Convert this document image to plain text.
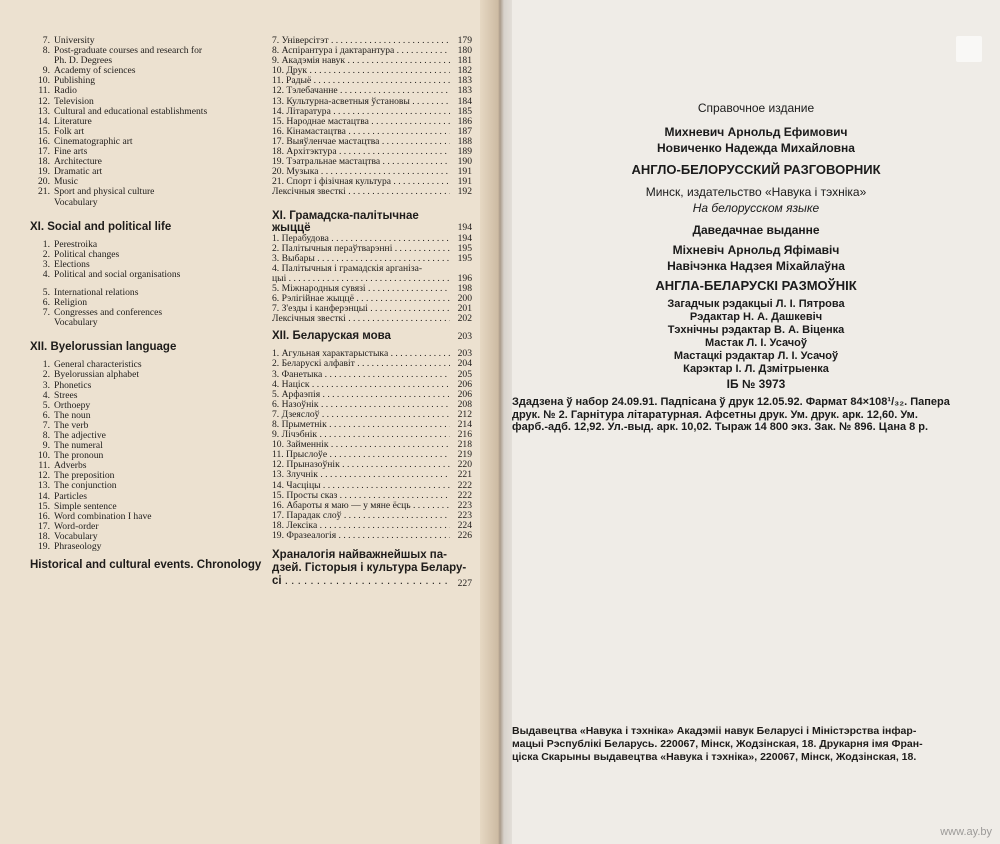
7. University
8. Post-graduate courses and research for
Ph. D. Degrees
9. Academy of sciences
10. Publishing
11. Radio
12. Television
13. Cultural and educational establishments
14. Literature
15. Folk art
16. Cinematographic art
17. Fine arts
18. Architecture
19. Dramatic art
20. Music
21. Sport and physical culture
Vocabulary
XI. Social and political life
1. Perestroika
2. Political changes
3. Elections
4. Political and social organisations
5. International relations
6. Religion
7. Congresses and conferences
Vocabulary
XII. Byelorussian language
1. General characteristics
2. Byelorussian alphabet
3. Phonetics
4. Strees
5. Orthoepy
6. The noun
7. The verb
8. The adjective
9. The numeral
10. The pronoun
11. Adverbs
12. The preposition
13. The conjunction
14. Particles
15. Simple sentence
16. Word combination I have
17. Word-order
18. Vocabulary
19. Phraseology
Historical and cultural events. Chronology
7. Універсітэт . . .	179
8. Аспірантура і дактарантура . . .	180
9. Акадэмія навук . . .	181
10. Друк . . .	182
11. Радыё . . .	183
12. Тэлебачанне . . .	183
13. Культурна-асветныя ўстановы . . .	184
14. Літаратура . . .	185
15. Народнае мастацтва . . .	186
16. Кінамастацтва . . .	187
17. Выяўленчае мастацтва . . .	188
18. Архітэктура . . .	189
19. Тэатральнае мастацтва . . .	190
20. Музыка . . .	191
21. Спорт і фізічная культура . . .	191
Лексічныя звесткі . . .	192
XI. Грамадска-палітычнае жыццё	194
1. Перабудова . . .	194
2. Палітычныя пераўтварэнні . . .	195
3. Выбары . . .	195
4. Палітычныя і грамадскія арганіза-
цыі . . .	196
5. Міжнародныя сувязі . . .	198
6. Рэлігійнае жыццё . . .	200
7. З'езды і канферэнцыі . . .	201
Лексічныя звесткі . . .	202
XII. Беларуская мова	203
1. Агульная характарыстыка . . .	203
2. Беларускі алфавіт . . .	204
3. Фанетыка . . .	205
4. Націск . . .	206
5. Арфаэпія . . .	206
6. Назоўнік . . .	208
7. Дзеяслоў . . .	212
8. Прыметнік . . .	214
9. Лічэбнік . . .	216
10. Займеннік . . .	218
11. Прыслоўе . . .	219
12. Прыназоўнік . . .	220
13. Злучнік . . .	221
14. Часціцы . . .	222
15. Просты сказ . . .	222
16. Абароты я маю — у мяне ёсць . . .	223
17. Парадак слоў . . .	223
18. Лексіка . . .	224
19. Фразеалогія . . .	226
Храналогія найважнейшых па-
дзей. Гісторыя і культура Белару-
сі . . .	227
Справочное издание
Михневич Арнольд Ефимович
Новиченко Надежда Михайловна
АНГЛО-БЕЛОРУССКИЙ РАЗГОВОРНИК
Минск, издательство «Навука і тэхніка»
На белорусском языке
Даведачнае выданне
Міхневіч Арнольд Яфімавіч
Навічэнка Надзея Міхайлаўна
АНГЛА-БЕЛАРУСКІ РАЗМОЎНІК
Загадчык рэдакцыі Л. І. Пятрова
Рэдактар Н. А. Дашкевіч
Тэхнічны рэдактар В. А. Віценка
Мастак Л. І. Усачоў
Мастацкі рэдактар Л. І. Усачоў
Карэктар І. Л. Дзмітрыенка
ІБ № 3973
Здадзена ў набор 24.09.91. Падпісана ў друк 12.05.92. Фармат 84×108¹/₃₂. Папера
друк. № 2. Гарнітура літаратурная. Афсетны друк. Ум. друк. арк. 12,60. Ум.
фарб.-адб. 12,92. Ул.-выд. арк. 10,02. Тыраж 14 800 экз. Зак. № 896. Цана 8 р.
Выдавецтва «Навука і тэхніка» Акадэміі навук Беларусі і Міністэрства інфар-
мацыі Рэспублікі Беларусь. 220067, Мінск, Жодзінская, 18. Друкарня імя Фран-
ціска Скарыны выдавецтва «Навука і тэхніка», 220067, Мінск, Жодзінская, 18.
www.ay.by
